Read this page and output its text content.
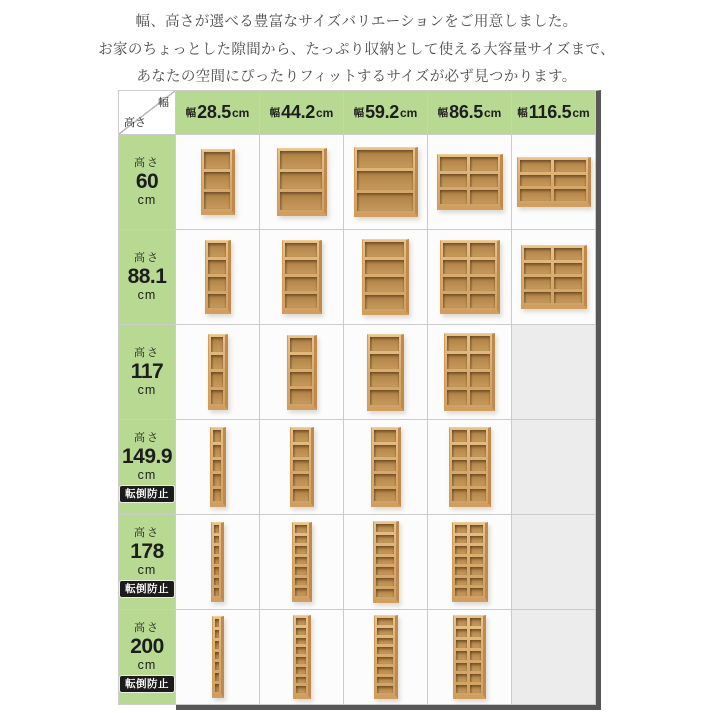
幅、高さが選べる豊富なサイズバリエーションをご用意しました。
お家のちょっとした隙間から、たっぷり収納として使える大容量サイズまで、
あなたの空間にぴったりフィットするサイズが必ず見つかります。
幅
高さ
幅 28.5 cm 幅 44.2 cm 幅 59.2 cm 幅 86.5 cm 幅 116.5 cm
高さ
60
cm
高さ
88.1
cm
高さ
117
cm
高さ
149.9
cm
転倒防止
高さ
178
cm
転倒防止
高さ
200
cm
転倒防止
